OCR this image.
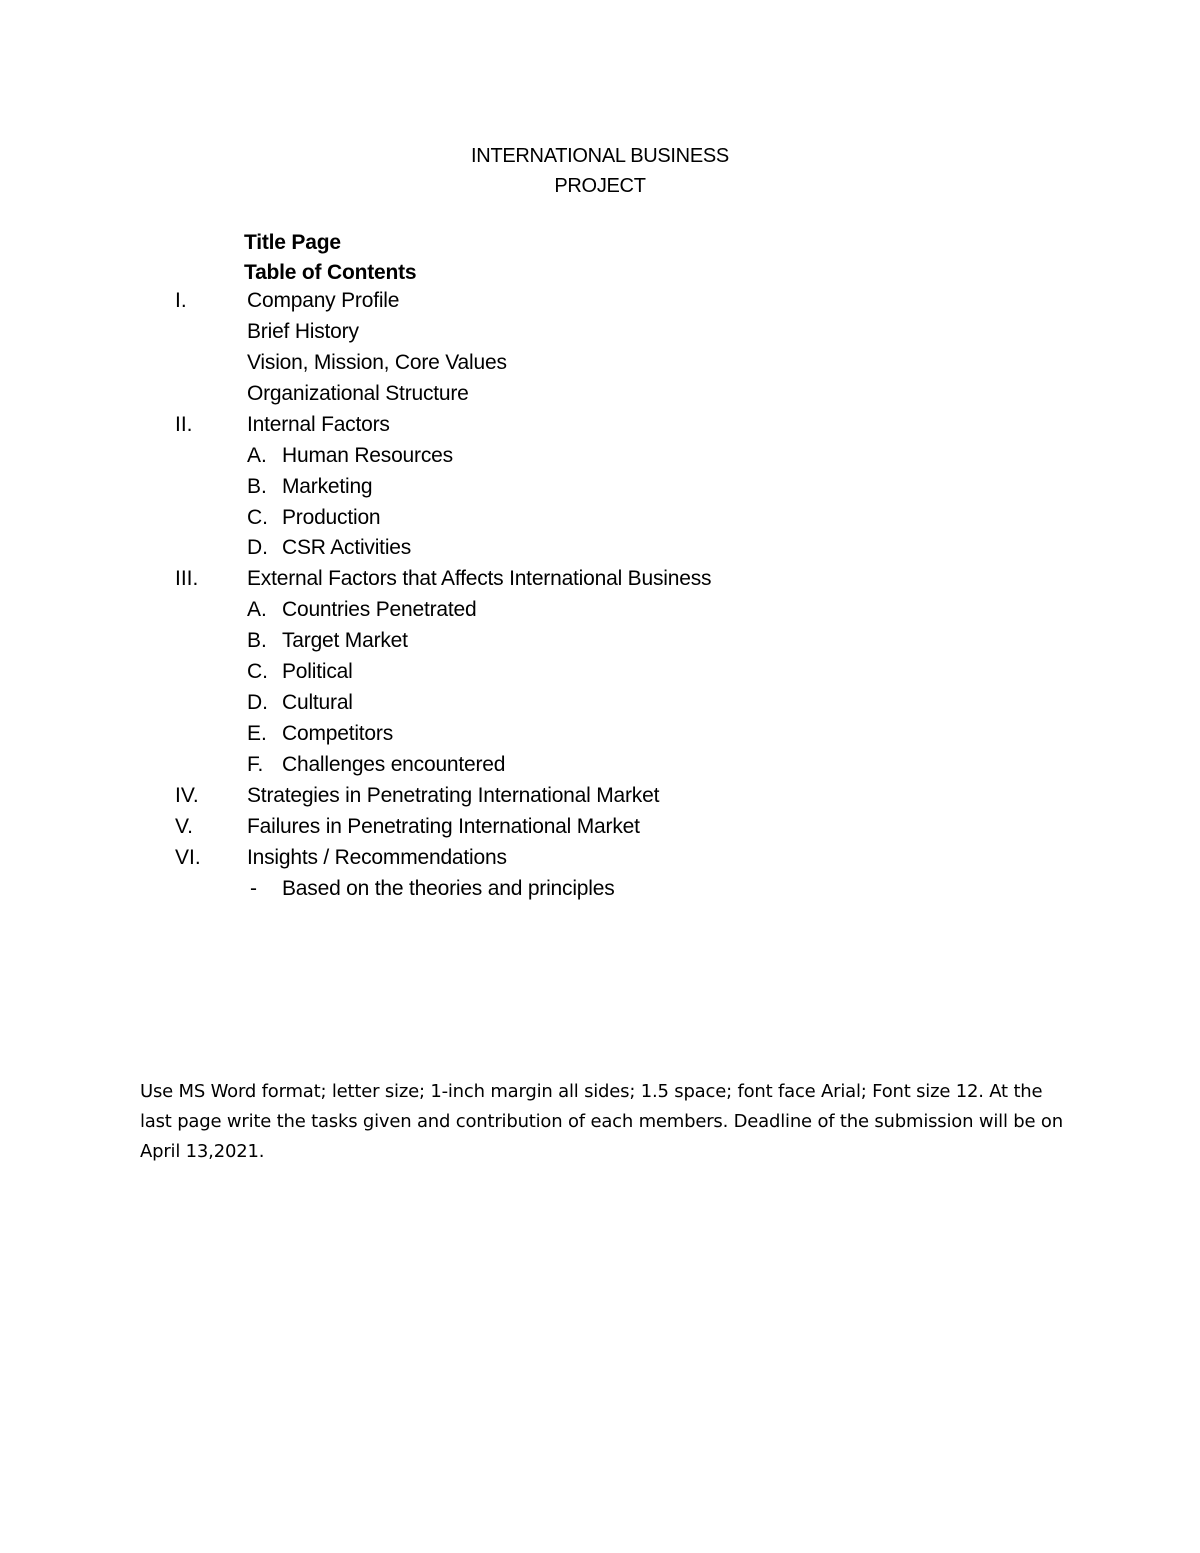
INTERNATIONAL BUSINESS
PROJECT
Title Page
Table of Contents
I.	Company Profile
Brief History
Vision, Mission, Core Values
Organizational Structure
II.	Internal Factors
A. Human Resources
B. Marketing
C. Production
D. CSR Activities
III. External Factors that Affects International Business
A. Countries Penetrated
B. Target Market
C. Political
D. Cultural
E. Competitors
F. Challenges encountered
IV. Strategies in Penetrating International Market
V.	Failures in Penetrating International Market
VI. Insights / Recommendations
- Based on the theories and principles
Use MS Word format; letter size; 1-inch margin all sides; 1.5 space; font face Arial; Font size 12. At the last page write the tasks given and contribution of each members. Deadline of the submission will be on April 13,2021.
